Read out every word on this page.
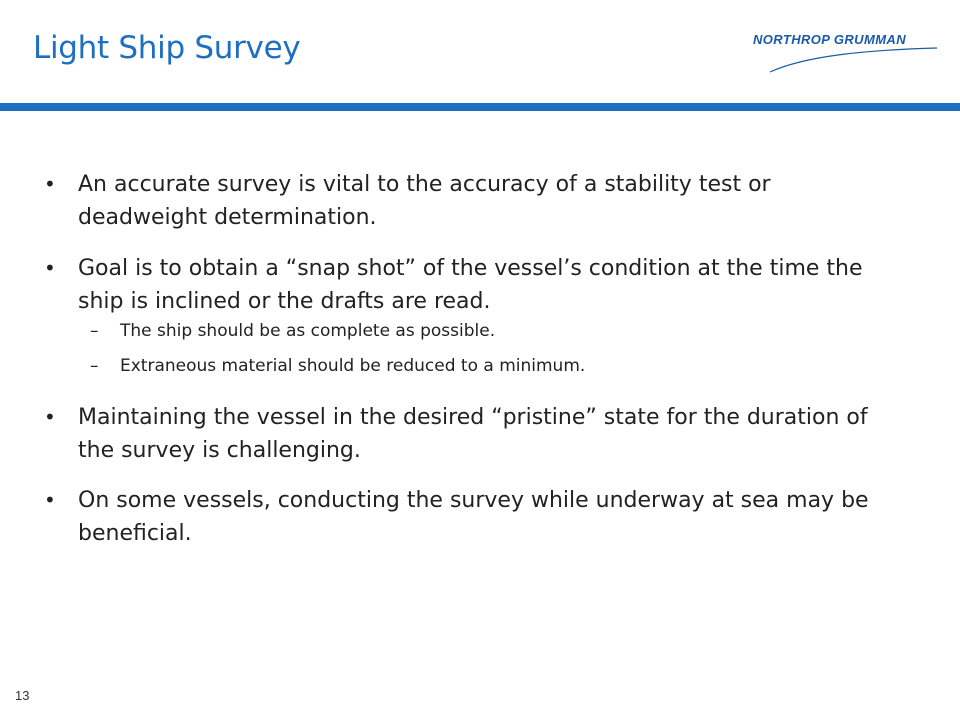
Light Ship Survey	NORTHROP GRUMMAN
• An accurate survey is vital to the accuracy of a stability test or deadweight determination.
• Goal is to obtain a “snap shot” of the vessel’s condition at the time the ship is inclined or the drafts are read.
– The ship should be as complete as possible.
– Extraneous material should be reduced to a minimum.
• Maintaining the vessel in the desired “pristine” state for the duration of the survey is challenging.
• On some vessels, conducting the survey while underway at sea may be beneficial.
13
